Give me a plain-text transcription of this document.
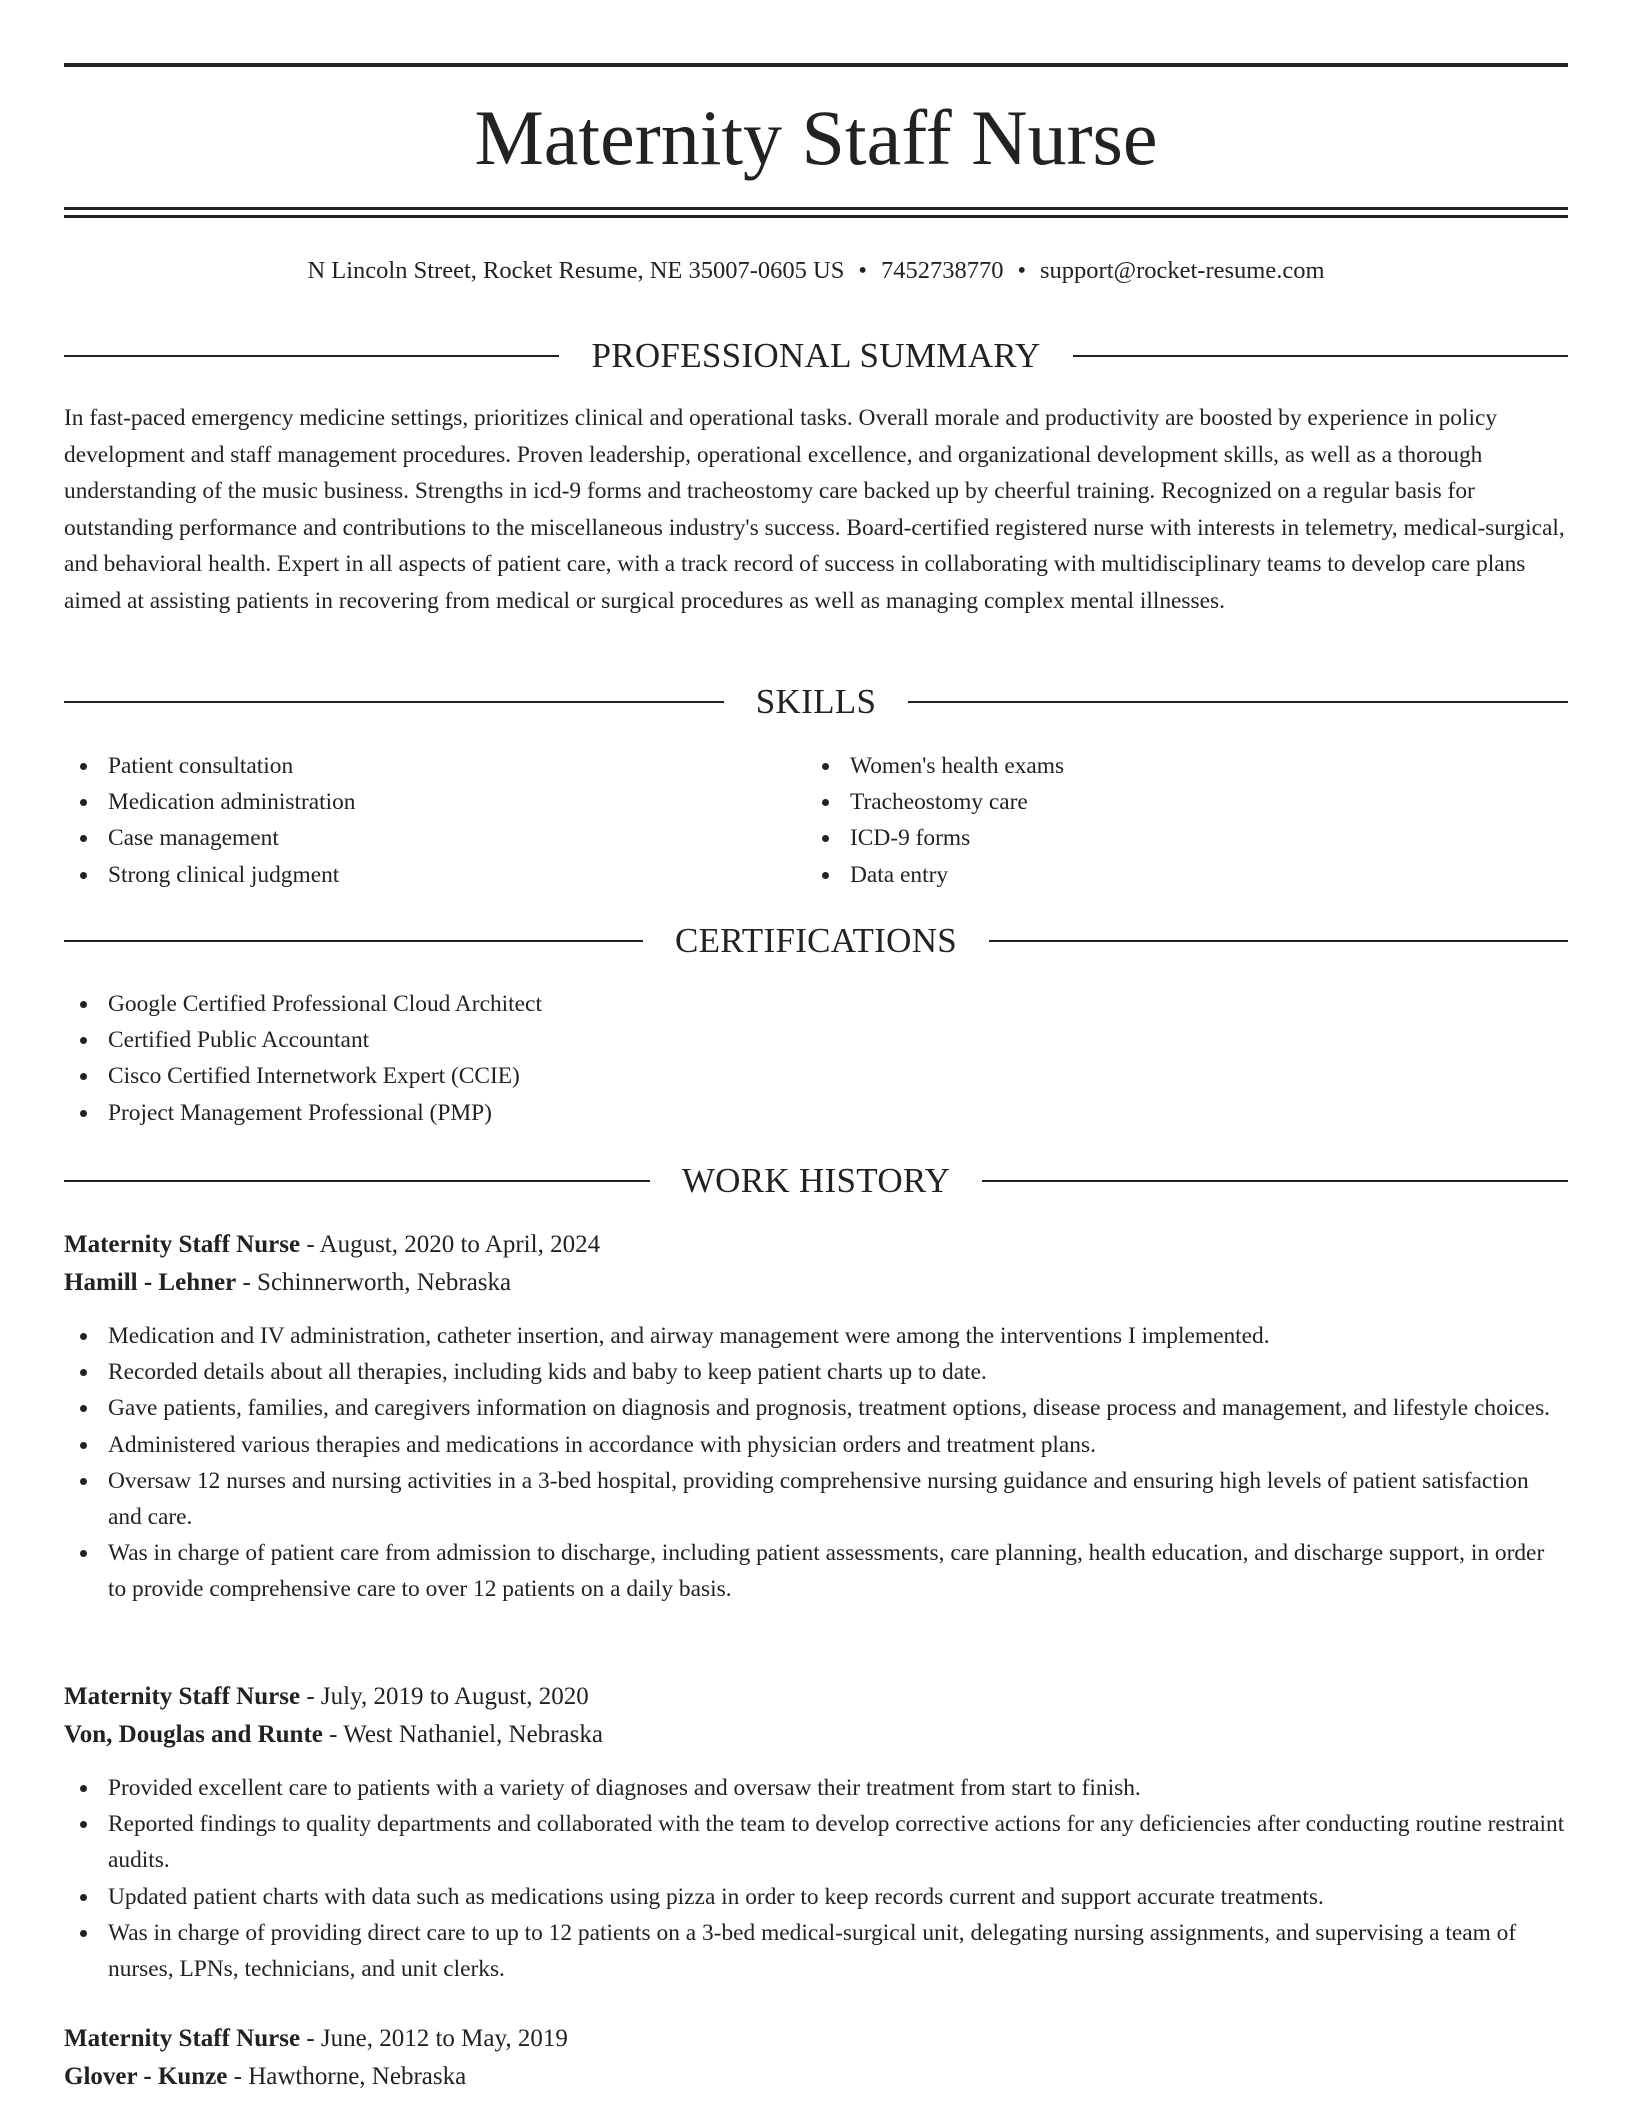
Maternity Staff Nurse
N Lincoln Street, Rocket Resume, NE 35007-0605 US • 7452738770 • support@rocket-resume.com
PROFESSIONAL SUMMARY

In fast-paced emergency medicine settings, prioritizes clinical and operational tasks. Overall morale and productivity are boosted by experience in policy development and staff management procedures. Proven leadership, operational excellence, and organizational development skills, as well as a thorough understanding of the music business. Strengths in icd-9 forms and tracheostomy care backed up by cheerful training. Recognized on a regular basis for outstanding performance and contributions to the miscellaneous industry's success. Board-certified registered nurse with interests in telemetry, medical-surgical, and behavioral health. Expert in all aspects of patient care, with a track record of success in collaborating with multidisciplinary teams to develop care plans aimed at assisting patients in recovering from medical or surgical procedures as well as managing complex mental illnesses.

SKILLS
Patient consultation
Medication administration
Case management
Strong clinical judgment
Women's health exams
Tracheostomy care
ICD-9 forms
Data entry
CERTIFICATIONS
Google Certified Professional Cloud Architect
Certified Public Accountant
Cisco Certified Internetwork Expert (CCIE)
Project Management Professional (PMP)
WORK HISTORY
Maternity Staff Nurse - August, 2020 to April, 2024
Hamill - Lehner - Schinnerworth, Nebraska
Medication and IV administration, catheter insertion, and airway management were among the interventions I implemented.
Recorded details about all therapies, including kids and baby to keep patient charts up to date.
Gave patients, families, and caregivers information on diagnosis and prognosis, treatment options, disease process and management, and lifestyle choices.
Administered various therapies and medications in accordance with physician orders and treatment plans.
Oversaw 12 nurses and nursing activities in a 3-bed hospital, providing comprehensive nursing guidance and ensuring high levels of patient satisfaction and care.
Was in charge of patient care from admission to discharge, including patient assessments, care planning, health education, and discharge support, in order to provide comprehensive care to over 12 patients on a daily basis.
Maternity Staff Nurse - July, 2019 to August, 2020
Von, Douglas and Runte - West Nathaniel, Nebraska
Provided excellent care to patients with a variety of diagnoses and oversaw their treatment from start to finish.
Reported findings to quality departments and collaborated with the team to develop corrective actions for any deficiencies after conducting routine restraint audits.
Updated patient charts with data such as medications using pizza in order to keep records current and support accurate treatments.
Was in charge of providing direct care to up to 12 patients on a 3-bed medical-surgical unit, delegating nursing assignments, and supervising a team of nurses, LPNs, technicians, and unit clerks.
Maternity Staff Nurse - June, 2012 to May, 2019
Glover - Kunze - Hawthorne, Nebraska
